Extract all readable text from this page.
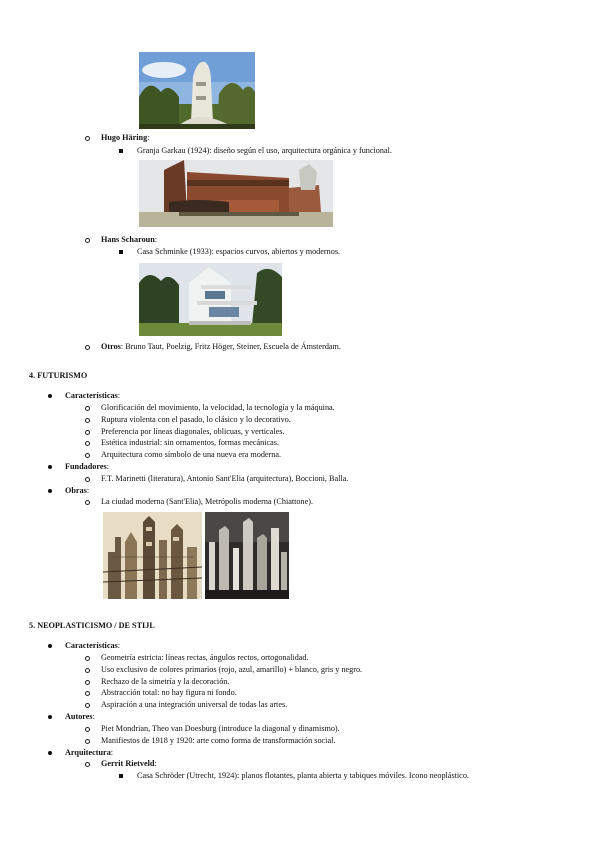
Hugo Häring:
Granja Garkau (1924): diseño según el uso, arquitectura orgánica y funcional.
Hans Scharoun:
Casa Schminke (1933): espacios curvos, abiertos y modernos.
Otros: Bruno Taut, Poelzig, Fritz Höger, Steiner, Escuela de Ámsterdam.
4. FUTURISMO
Características:
Glorificación del movimiento, la velocidad, la tecnología y la máquina.
Ruptura violenta con el pasado, lo clásico y lo decorativo.
Preferencia por líneas diagonales, oblicuas, y verticales.
Estética industrial: sin ornamentos, formas mecánicas.
Arquitectura como símbolo de una nueva era moderna.
Fundadores:
F.T. Marinetti (literatura), Antonio Sant'Elia (arquitectura), Boccioni, Balla.
Obras:
La ciudad moderna (Sant'Elia), Metrópolis moderna (Chiattone).
5. NEOPLASTICISMO / DE STIJL
Características:
Geometría estricta: líneas rectas, ángulos rectos, ortogonalidad.
Uso exclusivo de colores primarios (rojo, azul, amarillo) + blanco, gris y negro.
Rechazo de la simetría y la decoración.
Abstracción total: no hay figura ni fondo.
Aspiración a una integración universal de todas las artes.
Autores:
Piet Mondrian, Theo van Doesburg (introduce la diagonal y dinamismo).
Manifiestos de 1918 y 1920: arte como forma de transformación social.
Arquitectura:
Gerrit Rietveld:
Casa Schröder (Utrecht, 1924): planos flotantes, planta abierta y tabiques móviles. Icono neoplástico.
